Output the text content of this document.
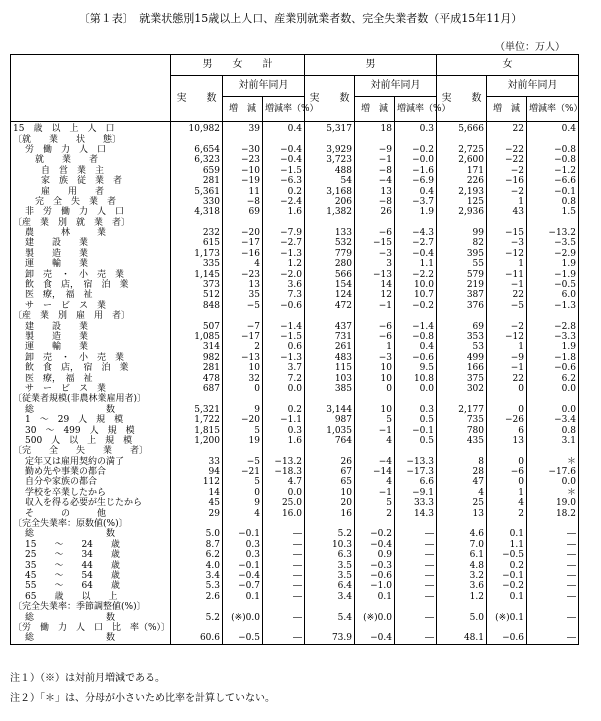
〔第１表〕　就業状態別15歳以上人口、産業別就業者数、完全失業者数（平成15年11月）
（単位：万人）
	男　　女　　計			男			女		
	実　　数	対前年同月		実　　数	対前年同月		実　　数	対前年同月	
		増　減	増減率（%）		増　減	増減率（%）		増　減	増減率（%）
15　歳　以　上　人　口	10,982	39	0.4	5,317	18	0.3	5,666	22	0.4
〔就　　業　　状　　態〕									
労　働　力　人　口	6,654	−30	−0.4	3,929	−9	−0.2	2,725	−22	−0.8
就　　業　　者	6,323	−23	−0.4	3,723	−1	−0.0	2,600	−22	−0.8
自　営　業　主	659	−10	−1.5	488	−8	−1.6	171	−2	−1.2
家　族　従　業　者	281	−19	−6.3	54	−4	−6.9	226	−16	−6.6
雇　　用　　者	5,361	11	0.2	3,168	13	0.4	2,193	−2	−0.1
完　全　失　業　者	330	−8	−2.4	206	−8	−3.7	125	1	0.8
非　労　働　力　人　口	4,318	69	1.6	1,382	26	1.9	2,936	43	1.5
〔産　業　別　就　業　者〕									
農　　　林　　　業	232	−20	−7.9	133	−6	−4.3	99	−15	−13.2
建　　設　　業	615	−17	−2.7	532	−15	−2.7	82	−3	−3.5
製　　造　　業	1,173	−16	−1.3	779	−3	−0.4	395	−12	−2.9
運　　輸　　業	335	4	1.2	280	3	1.1	55	1	1.9
卸　売　・　小　売　業	1,145	−23	−2.0	566	−13	−2.2	579	−11	−1.9
飲　食　店，　宿　泊　業	373	13	3.6	154	14	10.0	219	−1	−0.5
医　療，　福　祉	512	35	7.3	124	12	10.7	387	22	6.0
サ　ー　ビ　ス　業	848	−5	−0.6	472	−1	−0.2	376	−5	−1.3
〔産　業　別　雇　用　者〕									
建　　設　　業	507	−7	−1.4	437	−6	−1.4	69	−2	−2.8
製　　造　　業	1,085	−17	−1.5	731	−6	−0.8	353	−12	−3.3
運　　輸　　業	314	2	0.6	261	1	0.4	53	1	1.9
卸　売　・　小　売　業	982	−13	−1.3	483	−3	−0.6	499	−9	−1.8
飲　食　店，　宿　泊　業	281	10	3.7	115	10	9.5	166	−1	−0.6
医　療，　福　祉	478	32	7.2	103	10	10.8	375	22	6.2
サ　ー　ビ　ス　業	687	0	0.0	385	0	0.0	302	0	0.0
〔従業者規模(非農林業雇用者)〕									
総　　　　　　　　数	5,321	9	0.2	3,144	10	0.3	2,177	0	0.0
1　〜　29　人　規　模	1,722	−20	−1.1	987	5	0.5	735	−26	−3.4
30　〜　499　人　規　模	1,815	5	0.3	1,035	−1	−0.1	780	6	0.8
500　人　以　上　規　模	1,200	19	1.6	764	4	0.5	435	13	3.1
〔完　　全　　失　　業　　者〕									
定年又は雇用契約の満了	33	−5	−13.2	26	−4	−13.3	8	0	＊
勤め先や事業の都合	94	−21	−18.3	67	−14	−17.3	28	−6	−17.6
自分や家族の都合	112	5	4.7	65	4	6.6	47	0	0.0
学校を卒業したから	14	0	0.0	10	−1	−9.1	4	1	＊
収入を得る必要が生じたから	45	9	25.0	20	5	33.3	25	4	19.0
そ　　　の　　　他	29	4	16.0	16	2	14.3	13	2	18.2
〔完全失業率：原数値(%)〕									
総　　　　　　　　数	5.0	−0.1	―	5.2	−0.2	―	4.6	0.1	―
15　　〜　　24　　歳	8.7	0.3	―	10.3	−0.4	―	7.0	1.1	―
25　　〜　　34　　歳	6.2	0.3	―	6.3	0.9	―	6.1	−0.5	―
35　　〜　　44　　歳	4.0	−0.1	―	3.5	−0.3	―	4.8	0.2	―
45　　〜　　54　　歳	3.4	−0.4	―	3.5	−0.6	―	3.2	−0.1	―
55　　〜　　64　　歳	5.3	−0.7	―	6.4	−1.0	―	3.6	−0.2	―
65　　歳　　以　　上	2.6	0.1	―	3.4	0.1	―	1.2	0.1	―
〔完全失業率：季節調整値(%)〕									
総　　　　　　　　数	5.2	(※)0.0	―	5.4	(※)0.0	―	5.0	(※)0.1	―
〔労　働　力　人　口　比　率（%）〕									
総　　　　　　　　数	60.6	−0.5	―	73.9	−0.4	―	48.1	−0.6	―
注１）（※）は対前月増減である。
注２）「＊」は、分母が小さいため比率を計算していない。
